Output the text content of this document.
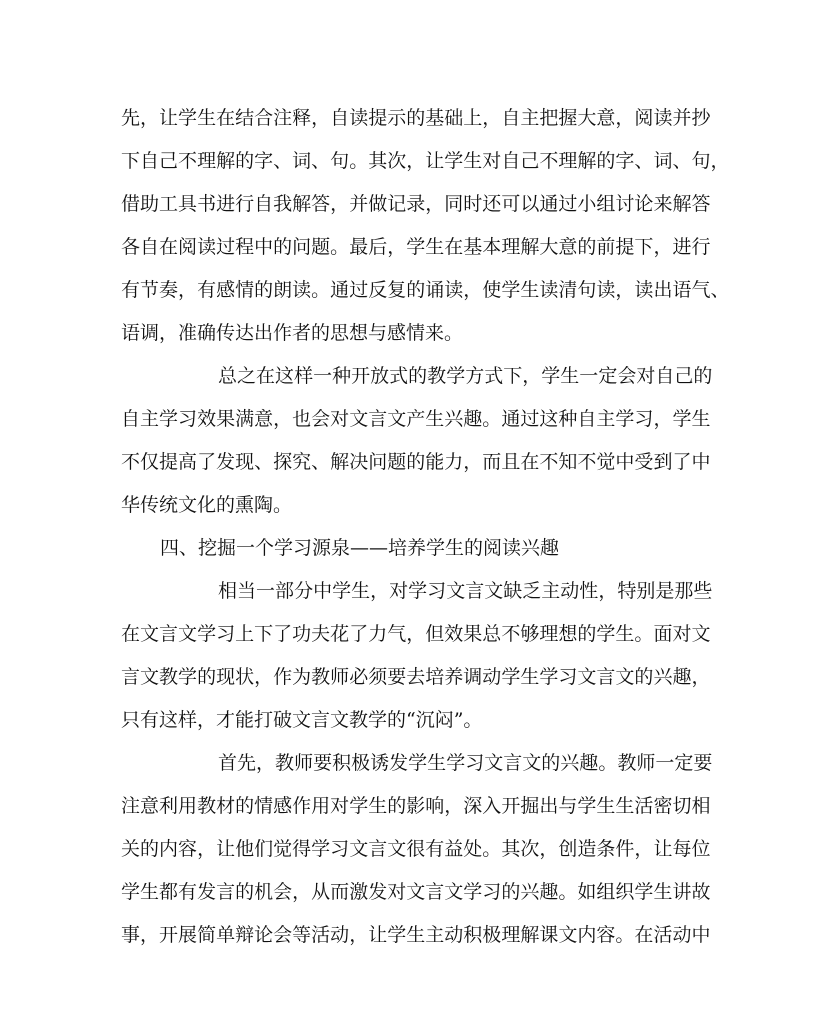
先 ， 让 学 生 在 结 合 注 释 ， 自 读 提 示 的 基 础 上 ， 自 主 把 握 大 意 ， 阅 读 并 抄
下 自 己 不 理 解 的 字 、 词 、 句 。 其 次 ， 让 学 生 对 自 己 不 理 解 的 字 、 词 、 句 ，
借 助 工 具 书 进 行 自 我 解 答 ， 并 做 记 录 ， 同 时 还 可 以 通 过 小 组 讨 论 来 解 答
各 自 在 阅 读 过 程 中 的 问 题 。 最 后 ， 学 生 在 基 本 理 解 大 意 的 前 提 下 ， 进 行
有 节 奏 ， 有 感 情 的 朗 读 。 通 过 反 复 的 诵 读 ， 使 学 生 读 清 句 读 ， 读 出 语 气 、
语调，准确传达出作者的思想与感情来。
总 之 在 这 样 一 种 开 放 式 的 教 学 方 式 下 ， 学 生 一 定 会 对 自 己 的
自 主 学 习 效 果 满 意 ， 也 会 对 文 言 文 产 生 兴 趣 。 通 过 这 种 自 主 学 习 ， 学 生
不 仅 提 高 了 发 现 、 探 究 、 解 决 问 题 的 能 力 ， 而 且 在 不 知 不 觉 中 受 到 了 中
华传统文化的熏陶。
四、挖掘一个学习源泉——培养学生的阅读兴趣
相 当 一 部 分 中 学 生 ， 对 学 习 文 言 文 缺 乏 主 动 性 ， 特 别 是 那 些
在 文 言 文 学 习 上 下 了 功 夫 花 了 力 气 ， 但 效 果 总 不 够 理 想 的 学 生 。 面 对 文
言 文 教 学 的 现 状 ， 作 为 教 师 必 须 要 去 培 养 调 动 学 生 学 习 文 言 文 的 兴 趣 ，
只有这样，才能打破文言文教学的“沉闷”。
首 先 ， 教 师 要 积 极 诱 发 学 生 学 习 文 言 文 的 兴 趣 。 教 师 一 定 要
注 意 利 用 教 材 的 情 感 作 用 对 学 生 的 影 响 ， 深 入 开 掘 出 与 学 生 生 活 密 切 相
关 的 内 容 ， 让 他 们 觉 得 学 习 文 言 文 很 有 益 处 。 其 次 ， 创 造 条 件 ， 让 每 位
学 生 都 有 发 言 的 机 会 ， 从 而 激 发 对 文 言 文 学 习 的 兴 趣 。 如 组 织 学 生 讲 故
事 ， 开 展 简 单 辩 论 会 等 活 动 ， 让 学 生 主 动 积 极 理 解 课 文 内 容 。 在 活 动 中
